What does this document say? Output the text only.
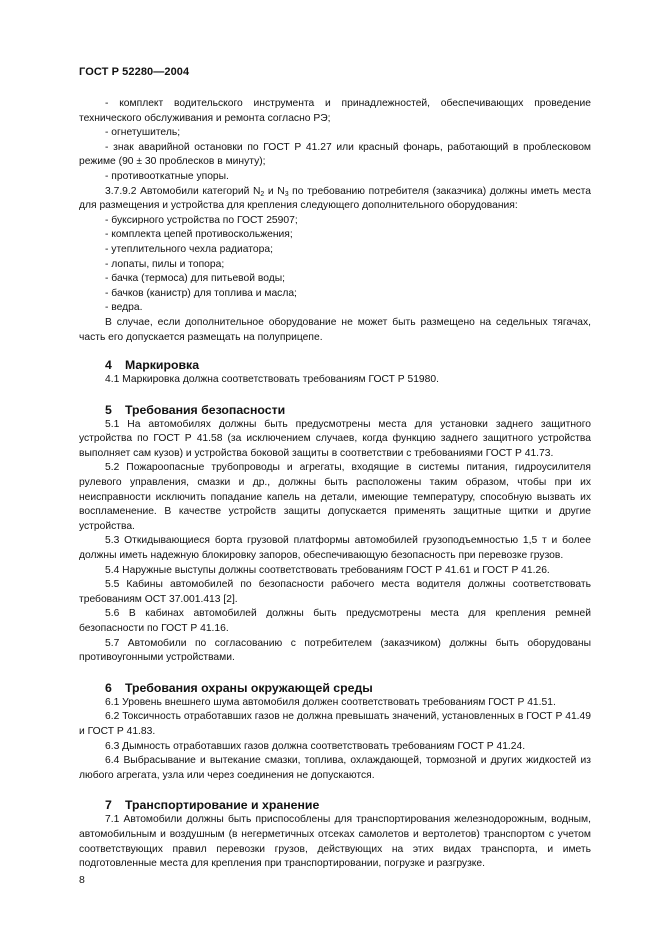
ГОСТ Р 52280—2004

- комплект водительского инструмента и принадлежностей, обеспечивающих проведение технического обслуживания и ремонта согласно РЭ;

- огнетушитель;

- знак аварийной остановки по ГОСТ Р 41.27 или красный фонарь, работающий в проблесковом режиме (90 ± 30 проблесков в минуту);

- противооткатные упоры.

3.7.9.2 Автомобили категорий $N_2$ и $N_3$ по требованию потребителя (заказчика) должны иметь места для размещения и устройства для крепления следующего дополнительного оборудования:

- буксирного устройства по ГОСТ 25907;

- комплекта цепей противоскольжения;

- утеплительного чехла радиатора;

- лопаты, пилы и топора;

- бачка (термоса) для питьевой воды;

- бачков (канистр) для топлива и масла;

- ведра.

В случае, если дополнительное оборудование не может быть размещено на седельных тягачах, часть его допускается размещать на полуприцепе.

4 Маркировка

4.1 Маркировка должна соответствовать требованиям ГОСТ Р 51980.

5 Требования безопасности

5.1 На автомобилях должны быть предусмотрены места для установки заднего защитного устройства по ГОСТ Р 41.58 (за исключением случаев, когда функцию заднего защитного устройства выполняет сам кузов) и устройства боковой защиты в соответствии с требованиями ГОСТ Р 41.73.

5.2 Пожароопасные трубопроводы и агрегаты, входящие в системы питания, гидроусилителя рулевого управления, смазки и др., должны быть расположены таким образом, чтобы при их неисправности исключить попадание капель на детали, имеющие температуру, способную вызвать их воспламенение. В качестве устройств защиты допускается применять защитные щитки и другие устройства.

5.3 Откидывающиеся борта грузовой платформы автомобилей грузоподъемностью 1,5 т и более должны иметь надежную блокировку запоров, обеспечивающую безопасность при перевозке грузов.

5.4 Наружные выступы должны соответствовать требованиям ГОСТ Р 41.61 и ГОСТ Р 41.26.

5.5 Кабины автомобилей по безопасности рабочего места водителя должны соответствовать требованиям ОСТ 37.001.413 [2].

5.6 В кабинах автомобилей должны быть предусмотрены места для крепления ремней безопасности по ГОСТ Р 41.16.

5.7 Автомобили по согласованию с потребителем (заказчиком) должны быть оборудованы противоугонными устройствами.

6 Требования охраны окружающей среды

6.1 Уровень внешнего шума автомобиля должен соответствовать требованиям ГОСТ Р 41.51.

6.2 Токсичность отработавших газов не должна превышать значений, установленных в ГОСТ Р 41.49 и ГОСТ Р 41.83.

6.3 Дымность отработавших газов должна соответствовать требованиям ГОСТ Р 41.24.

6.4 Выбрасывание и вытекание смазки, топлива, охлаждающей, тормозной и других жидкостей из любого агрегата, узла или через соединения не допускаются.

7 Транспортирование и хранение

7.1 Автомобили должны быть приспособлены для транспортирования железнодорожным, водным, автомобильным и воздушным (в негерметичных отсеках самолетов и вертолетов) транспортом с учетом соответствующих правил перевозки грузов, действующих на этих видах транспорта, и иметь подготовленные места для крепления при транспортировании, погрузке и разгрузке.

8
